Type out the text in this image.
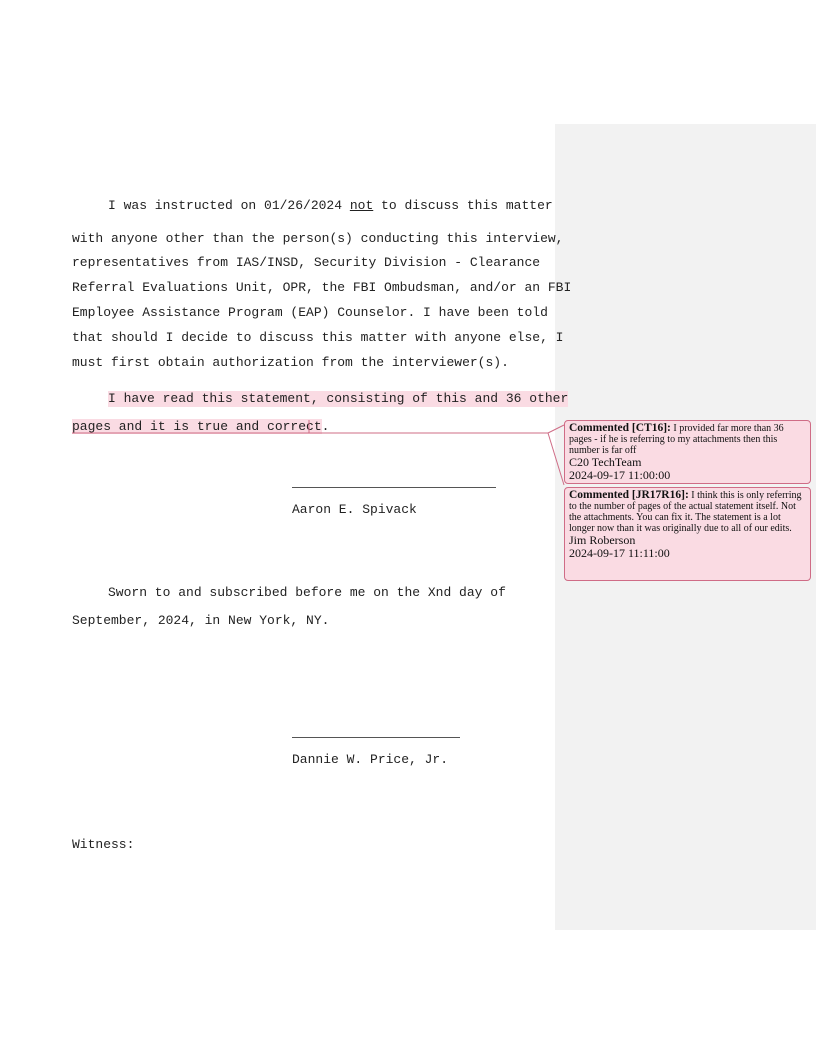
I was instructed on 01/26/2024 not to discuss this matter
with anyone other than the person(s) conducting this interview,
representatives from IAS/INSD, Security Division - Clearance
Referral Evaluations Unit, OPR, the FBI Ombudsman, and/or an FBI
Employee Assistance Program (EAP) Counselor. I have been told
that should I decide to discuss this matter with anyone else, I
must first obtain authorization from the interviewer(s).
I have read this statement, consisting of this and 36 other
pages and it is true and correct.
Aaron E. Spivack
Sworn to and subscribed before me on the Xnd day of
September, 2024, in New York, NY.
Dannie W. Price, Jr.
Witness:
Commented [CT16]: I provided far more than 36 pages - if he is referring to my attachments then this number is far off
C20 TechTeam
2024-09-17 11:00:00
Commented [JR17R16]: I think this is only referring to the number of pages of the actual statement itself. Not the attachments. You can fix it. The statement is a lot longer now than it was originally due to all of our edits.
Jim Roberson
2024-09-17 11:11:00
